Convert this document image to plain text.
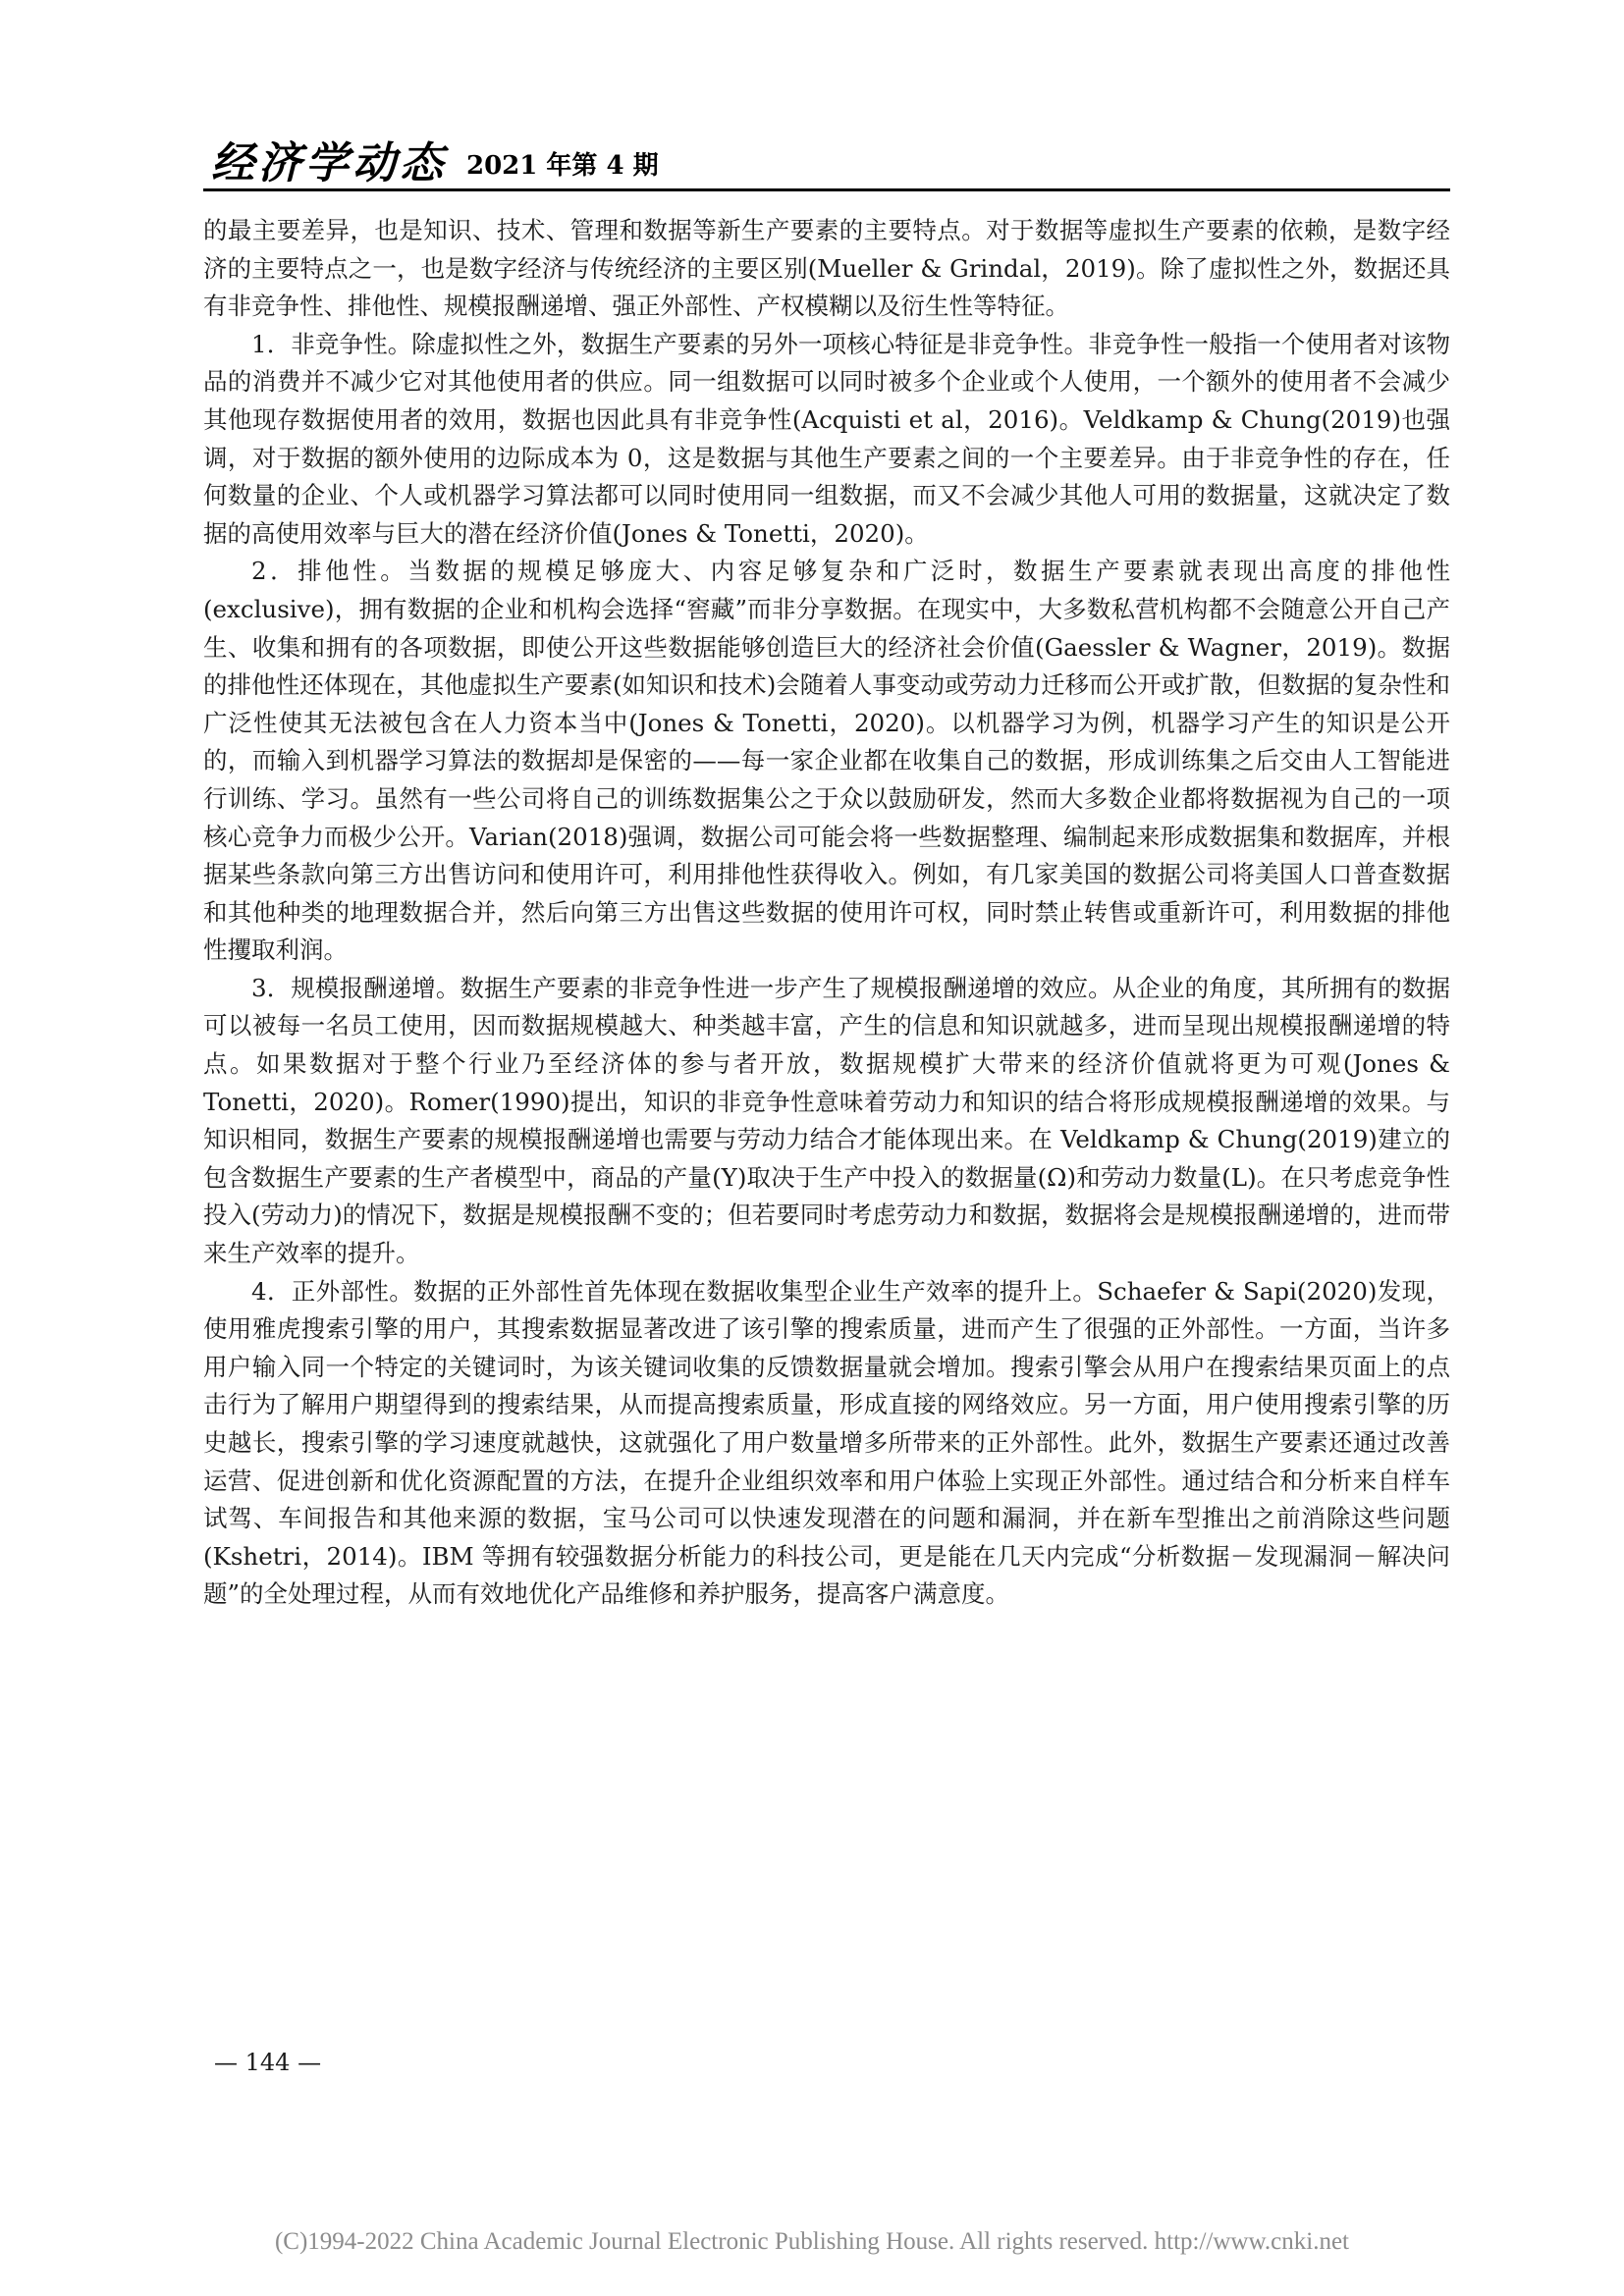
经济学动态 2021 年第 4 期

的最主要差异，也是知识、技术、管理和数据等新生产要素的主要特点。对于数据等虚拟生产要素的依赖，是数字经济的主要特点之一，也是数字经济与传统经济的主要区别(Mueller & Grindal，2019)。除了虚拟性之外，数据还具有非竞争性、排他性、规模报酬递增、强正外部性、产权模糊以及衍生性等特征。

1．非竞争性。除虚拟性之外，数据生产要素的另外一项核心特征是非竞争性。非竞争性一般指一个使用者对该物品的消费并不减少它对其他使用者的供应。同一组数据可以同时被多个企业或个人使用，一个额外的使用者不会减少其他现存数据使用者的效用，数据也因此具有非竞争性(Acquisti et al，2016)。Veldkamp & Chung(2019)也强调，对于数据的额外使用的边际成本为 0，这是数据与其他生产要素之间的一个主要差异。由于非竞争性的存在，任何数量的企业、个人或机器学习算法都可以同时使用同一组数据，而又不会减少其他人可用的数据量，这就决定了数据的高使用效率与巨大的潜在经济价值(Jones & Tonetti，2020)。

2．排他性。当数据的规模足够庞大、内容足够复杂和广泛时，数据生产要素就表现出高度的排他性(exclusive)，拥有数据的企业和机构会选择“窖藏”而非分享数据。在现实中，大多数私营机构都不会随意公开自己产生、收集和拥有的各项数据，即使公开这些数据能够创造巨大的经济社会价值(Gaessler & Wagner，2019)。数据的排他性还体现在，其他虚拟生产要素(如知识和技术)会随着人事变动或劳动力迁移而公开或扩散，但数据的复杂性和广泛性使其无法被包含在人力资本当中(Jones & Tonetti，2020)。以机器学习为例，机器学习产生的知识是公开的，而输入到机器学习算法的数据却是保密的——每一家企业都在收集自己的数据，形成训练集之后交由人工智能进行训练、学习。虽然有一些公司将自己的训练数据集公之于众以鼓励研发，然而大多数企业都将数据视为自己的一项核心竞争力而极少公开。Varian(2018)强调，数据公司可能会将一些数据整理、编制起来形成数据集和数据库，并根据某些条款向第三方出售访问和使用许可，利用排他性获得收入。例如，有几家美国的数据公司将美国人口普查数据和其他种类的地理数据合并，然后向第三方出售这些数据的使用许可权，同时禁止转售或重新许可，利用数据的排他性攫取利润。

3．规模报酬递增。数据生产要素的非竞争性进一步产生了规模报酬递增的效应。从企业的角度，其所拥有的数据可以被每一名员工使用，因而数据规模越大、种类越丰富，产生的信息和知识就越多，进而呈现出规模报酬递增的特点。如果数据对于整个行业乃至经济体的参与者开放，数据规模扩大带来的经济价值就将更为可观(Jones & Tonetti，2020)。Romer(1990)提出，知识的非竞争性意味着劳动力和知识的结合将形成规模报酬递增的效果。与知识相同，数据生产要素的规模报酬递增也需要与劳动力结合才能体现出来。在 Veldkamp & Chung(2019)建立的包含数据生产要素的生产者模型中，商品的产量(Y)取决于生产中投入的数据量(Ω)和劳动力数量(L)。在只考虑竞争性投入(劳动力)的情况下，数据是规模报酬不变的；但若要同时考虑劳动力和数据，数据将会是规模报酬递增的，进而带来生产效率的提升。

4．正外部性。数据的正外部性首先体现在数据收集型企业生产效率的提升上。Schaefer & Sapi(2020)发现，使用雅虎搜索引擎的用户，其搜索数据显著改进了该引擎的搜索质量，进而产生了很强的正外部性。一方面，当许多用户输入同一个特定的关键词时，为该关键词收集的反馈数据量就会增加。搜索引擎会从用户在搜索结果页面上的点击行为了解用户期望得到的搜索结果，从而提高搜索质量，形成直接的网络效应。另一方面，用户使用搜索引擎的历史越长，搜索引擎的学习速度就越快，这就强化了用户数量增多所带来的正外部性。此外，数据生产要素还通过改善运营、促进创新和优化资源配置的方法，在提升企业组织效率和用户体验上实现正外部性。通过结合和分析来自样车试驾、车间报告和其他来源的数据，宝马公司可以快速发现潜在的问题和漏洞，并在新车型推出之前消除这些问题(Kshetri，2014)。IBM 等拥有较强数据分析能力的科技公司，更是能在几天内完成“分析数据－发现漏洞－解决问题”的全处理过程，从而有效地优化产品维修和养护服务，提高客户满意度。

— 144 —
(C)1994-2022 China Academic Journal Electronic Publishing House. All rights reserved. http://www.cnki.net
